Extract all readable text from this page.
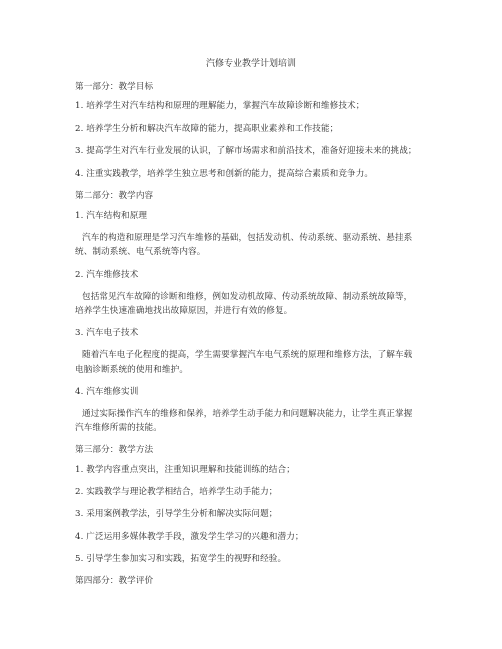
汽修专业教学计划培训
第一部分：教学目标
1. 培养学生对汽车结构和原理的理解能力，掌握汽车故障诊断和维修技术；
2. 培养学生分析和解决汽车故障的能力，提高职业素养和工作技能；
3. 提高学生对汽车行业发展的认识，了解市场需求和前沿技术，准备好迎接未来的挑战；
4. 注重实践教学，培养学生独立思考和创新的能力，提高综合素质和竞争力。
第二部分：教学内容
1. 汽车结构和原理
汽车的构造和原理是学习汽车维修的基础，包括发动机、传动系统、驱动系统、悬挂系
统、制动系统、电气系统等内容。
2. 汽车维修技术
包括常见汽车故障的诊断和维修，例如发动机故障、传动系统故障、制动系统故障等，
培养学生快速准确地找出故障原因，并进行有效的修复。
3. 汽车电子技术
随着汽车电子化程度的提高，学生需要掌握汽车电气系统的原理和维修方法，了解车载
电脑诊断系统的使用和维护。
4. 汽车维修实训
通过实际操作汽车的维修和保养，培养学生动手能力和问题解决能力，让学生真正掌握
汽车维修所需的技能。
第三部分：教学方法
1. 教学内容重点突出，注重知识理解和技能训练的结合；
2. 实践教学与理论教学相结合，培养学生动手能力；
3. 采用案例教学法，引导学生分析和解决实际问题；
4. 广泛运用多媒体教学手段，激发学生学习的兴趣和潜力；
5. 引导学生参加实习和实践，拓宽学生的视野和经验。
第四部分：教学评价
